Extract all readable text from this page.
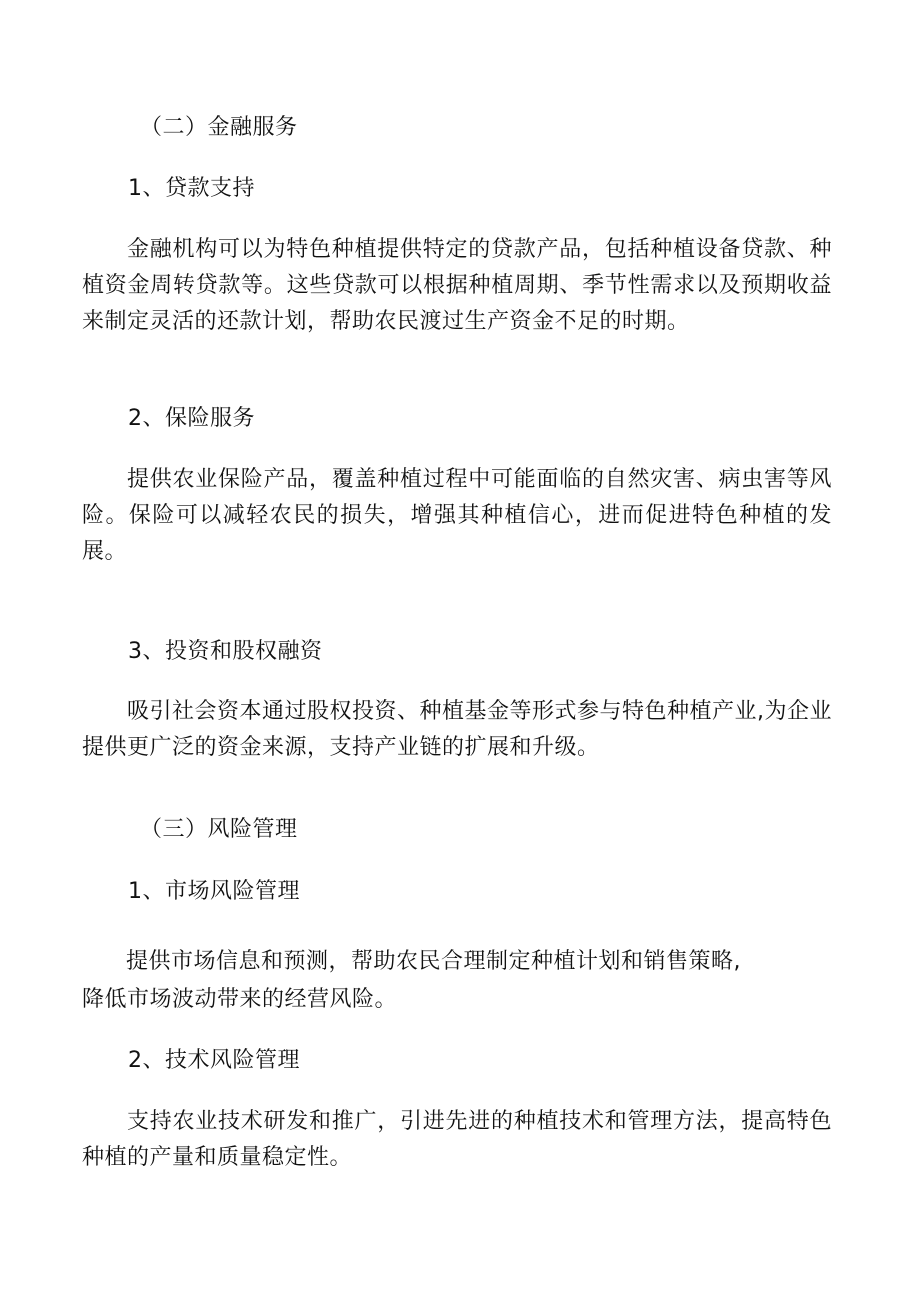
（二）金融服务
1、贷款支持
金融机构可以为特色种植提供特定的贷款产品，包括种植设备贷款、种植资金周转贷款等。这些贷款可以根据种植周期、季节性需求以及预期收益来制定灵活的还款计划，帮助农民渡过生产资金不足的时期。
2、保险服务
提供农业保险产品，覆盖种植过程中可能面临的自然灾害、病虫害等风险。保险可以减轻农民的损失，增强其种植信心，进而促进特色种植的发展。
3、投资和股权融资
吸引社会资本通过股权投资、种植基金等形式参与特色种植产业,为企业提供更广泛的资金来源，支持产业链的扩展和升级。
（三）风险管理
1、市场风险管理
提供市场信息和预测，帮助农民合理制定种植计划和销售策略,
降低市场波动带来的经营风险。
2、技术风险管理
支持农业技术研发和推广，引进先进的种植技术和管理方法，提高特色种植的产量和质量稳定性。
